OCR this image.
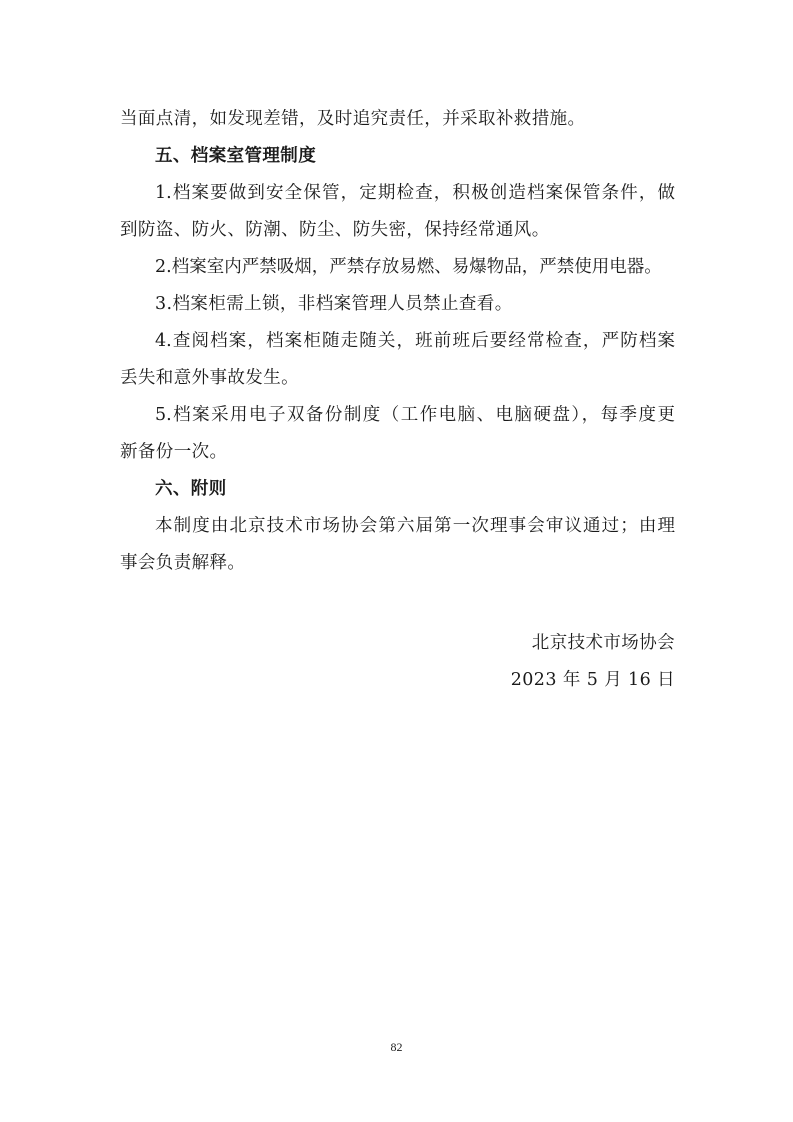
当面点清，如发现差错，及时追究责任，并采取补救措施。
五、档案室管理制度
1.档案要做到安全保管，定期检查，积极创造档案保管条件，做
到防盗、防火、防潮、防尘、防失密，保持经常通风。
2.档案室内严禁吸烟，严禁存放易燃、易爆物品，严禁使用电器。
3.档案柜需上锁，非档案管理人员禁止查看。
4.查阅档案，档案柜随走随关，班前班后要经常检查，严防档案
丢失和意外事故发生。
5.档案采用电子双备份制度（工作电脑、电脑硬盘），每季度更
新备份一次。
六、附则
本制度由北京技术市场协会第六届第一次理事会审议通过；由理
事会负责解释。
北京技术市场协会
2023 年 5 月 16 日
82
